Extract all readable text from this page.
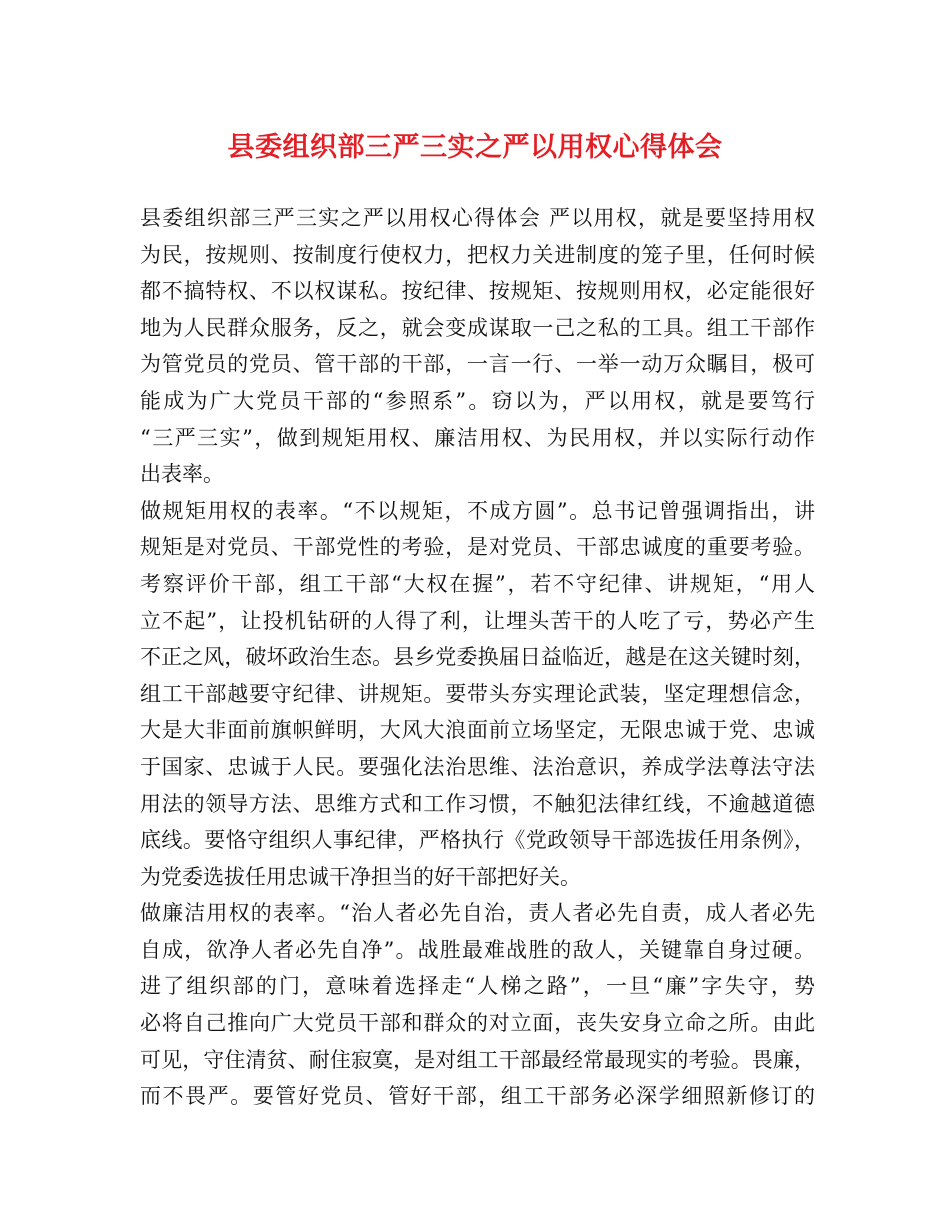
县委组织部三严三实之严以用权心得体会
县委组织部三严三实之严以用权心得体会 严以用权，就是要坚持用权
为民，按规则、按制度行使权力，把权力关进制度的笼子里，任何时候
都不搞特权、不以权谋私。按纪律、按规矩、按规则用权，必定能很好
地为人民群众服务，反之，就会变成谋取一己之私的工具。组工干部作
为管党员的党员、管干部的干部，一言一行、一举一动万众瞩目，极可
能成为广大党员干部的“参照系”。窃以为，严以用权，就是要笃行
“三严三实”，做到规矩用权、廉洁用权、为民用权，并以实际行动作
出表率。
做规矩用权的表率。“不以规矩，不成方圆”。总书记曾强调指出，讲
规矩是对党员、干部党性的考验，是对党员、干部忠诚度的重要考验。
考察评价干部，组工干部“大权在握”，若不守纪律、讲规矩，“用人
立不起”，让投机钻研的人得了利，让埋头苦干的人吃了亏，势必产生
不正之风，破坏政治生态。县乡党委换届日益临近，越是在这关键时刻，
组工干部越要守纪律、讲规矩。要带头夯实理论武装，坚定理想信念，
大是大非面前旗帜鲜明，大风大浪面前立场坚定，无限忠诚于党、忠诚
于国家、忠诚于人民。要强化法治思维、法治意识，养成学法尊法守法
用法的领导方法、思维方式和工作习惯，不触犯法律红线，不逾越道德
底线。要恪守组织人事纪律，严格执行《党政领导干部选拔任用条例》，
为党委选拔任用忠诚干净担当的好干部把好关。
做廉洁用权的表率。“治人者必先自治，责人者必先自责，成人者必先
自成，欲净人者必先自净”。战胜最难战胜的敌人，关键靠自身过硬。
进了组织部的门，意味着选择走“人梯之路”，一旦“廉”字失守，势
必将自己推向广大党员干部和群众的对立面，丧失安身立命之所。由此
可见，守住清贫、耐住寂寞，是对组工干部最经常最现实的考验。畏廉，
而不畏严。要管好党员、管好干部，组工干部务必深学细照新修订的
